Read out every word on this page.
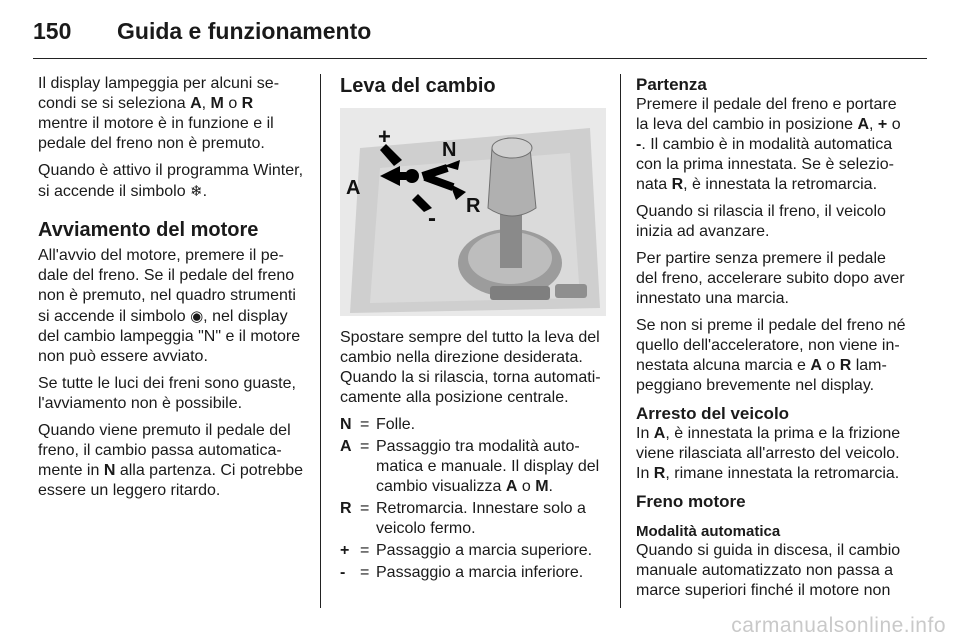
150 Guida e funzionamento

Il display lampeggia per alcuni se-condi se si seleziona A, M o R mentre il motore è in funzione e il pedale del freno non è premuto.

Quando è attivo il programma Winter, si accende il simbolo ❄.

Avviamento del motore

All'avvio del motore, premere il pe- dale del freno. Se il pedale del freno non è premuto, nel quadro strumenti si accende il simbolo ◉, nel display del cambio lampeggia "N" e il motore non può essere avviato.

Se tutte le luci dei freni sono guaste, l'avviamento non è possibile.

Quando viene premuto il pedale del freno, il cambio passa automatica- mente in N alla partenza. Ci potrebbe essere un leggero ritardo.

Leva del cambio
+
A
N
- R

Spostare sempre del tutto la leva del cambio nella direzione desiderata. Quando la si rilascia, torna automati- camente alla posizione centrale.

N = Folle.
A = Passaggio tra modalità auto- matica e manuale. Il display del cambio visualizza A o M.
R = Retromarcia. Innestare solo a veicolo fermo.
+ = Passaggio a marcia superiore.
- = Passaggio a marcia inferiore.
Partenza

Premere il pedale del freno e portare la leva del cambio in posizione A, + o -. Il cambio è in modalità automatica con la prima innestata. Se è selezio- nata R, è innestata la retromarcia.

Quando si rilascia il freno, il veicolo inizia ad avanzare.

Per partire senza premere il pedale del freno, accelerare subito dopo aver innestato una marcia.

Se non si preme il pedale del freno né quello dell'acceleratore, non viene in- nestata alcuna marcia e A o R lam- peggiano brevemente nel display.

Arresto del veicolo

In A, è innestata la prima e la frizione viene rilasciata all'arresto del veicolo. In R, rimane innestata la retromarcia.

Freno motore
Modalità automatica

Quando si guida in discesa, il cambio manuale automatizzato non passa a marce superiori finché il motore non

carmanualsonline.info
